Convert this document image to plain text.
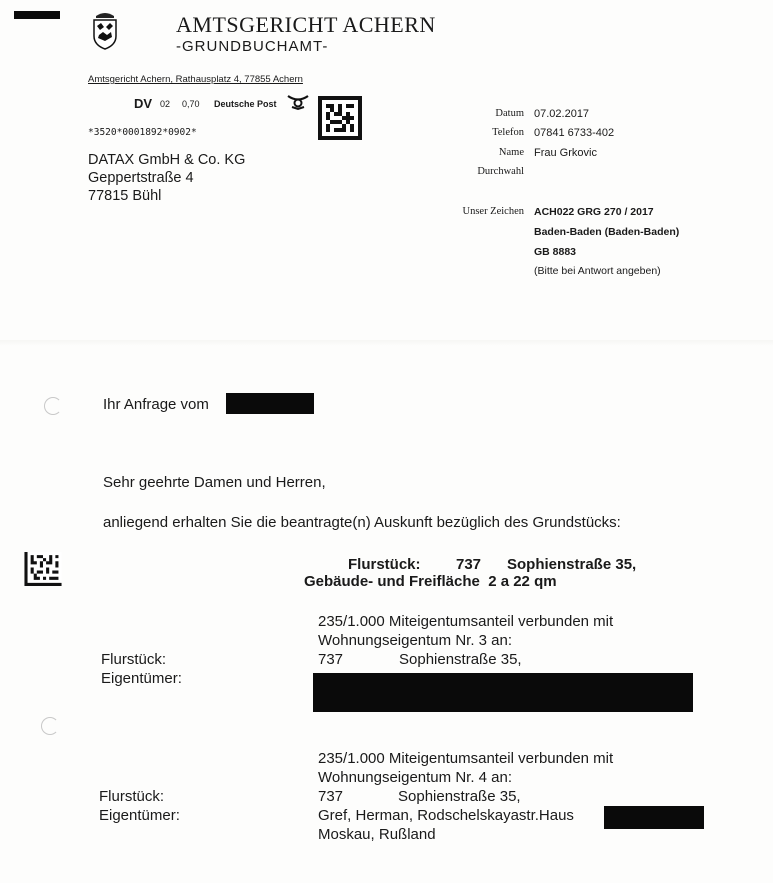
AMTSGERICHT ACHERN
-GRUNDBUCHAMT-
Amtsgericht Achern, Rathausplatz 4, 77855 Achern
DV 02 0,70 Deutsche Post
*3520*0001892*0902*
DATAX GmbH & Co. KG
Geppertstraße 4
77815 Bühl
Datum 07.02.2017
Telefon 07841 6733-402
Name Frau Grkovic
Durchwahl
Unser Zeichen ACH022 GRG 270 / 2017
Baden-Baden (Baden-Baden)
GB 8883
(Bitte bei Antwort angeben)
Ihr Anfrage vom
Sehr geehrte Damen und Herren,
anliegend erhalten Sie die beantragte(n) Auskunft bezüglich des Grundstücks:
Flurstück: 737 Sophienstraße 35,
Gebäude- und Freifläche  2 a 22 qm
235/1.000 Miteigentumsanteil verbunden mit
Wohnungseigentum Nr. 3 an:
Flurstück:	737	Sophienstraße 35,
Eigentümer:
235/1.000 Miteigentumsanteil verbunden mit
Wohnungseigentum Nr. 4 an:
Flurstück:	737	Sophienstraße 35,
Eigentümer:	Gref, Herman, Rodschelskayastr.Haus
Moskau, Rußland
